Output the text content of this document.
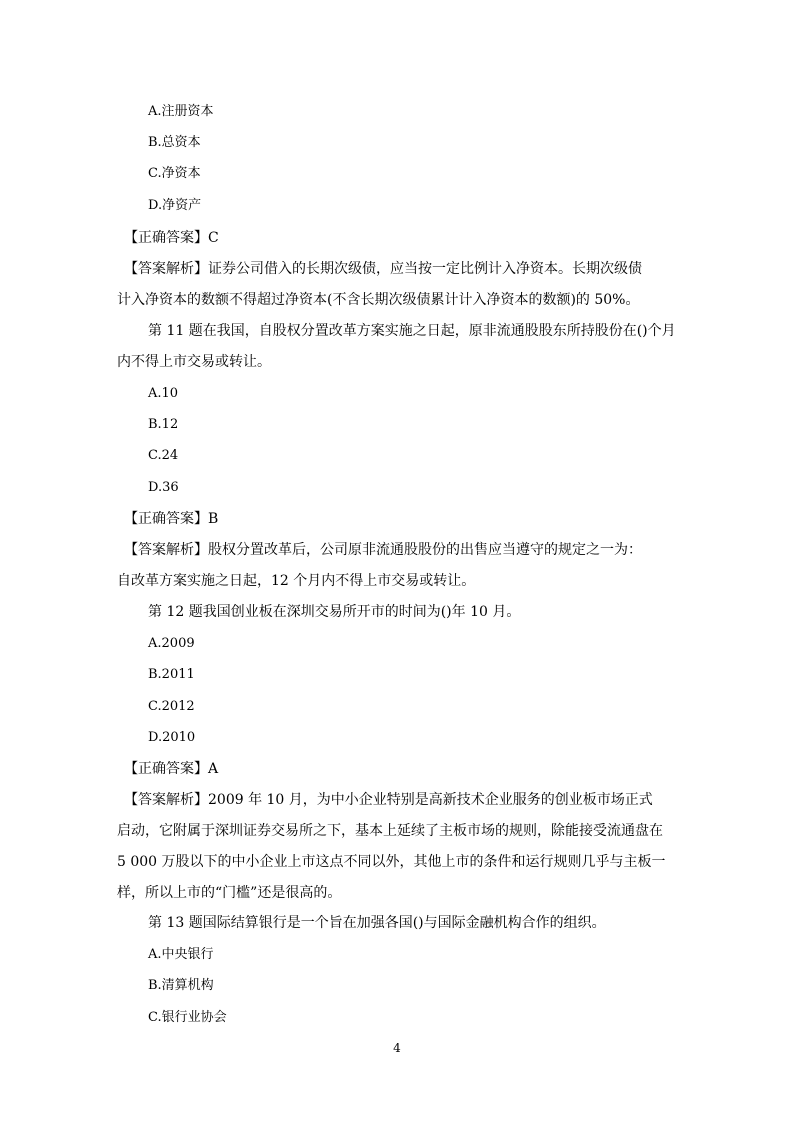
A.注册资本
B.总资本
C.净资本
D.净资产
【正确答案】C
【答案解析】证券公司借入的长期次级债，应当按一定比例计入净资本。长期次级债
计入净资本的数额不得超过净资本(不含长期次级债累计计入净资本的数额)的 50%。
第 11 题在我国，自股权分置改革方案实施之日起，原非流通股股东所持股份在()个月
内不得上市交易或转让。
A.10
B.12
C.24
D.36
【正确答案】B
【答案解析】股权分置改革后，公司原非流通股股份的出售应当遵守的规定之一为：
自改革方案实施之日起，12 个月内不得上市交易或转让。
第 12 题我国创业板在深圳交易所开市的时间为()年 10 月。
A.2009
B.2011
C.2012
D.2010
【正确答案】A
【答案解析】2009 年 10 月，为中小企业特别是高新技术企业服务的创业板市场正式
启动，它附属于深圳证券交易所之下，基本上延续了主板市场的规则，除能接受流通盘在
5 000 万股以下的中小企业上市这点不同以外，其他上市的条件和运行规则几乎与主板一
样，所以上市的“门槛”还是很高的。
第 13 题国际结算银行是一个旨在加强各国()与国际金融机构合作的组织。
A.中央银行
B.清算机构
C.银行业协会
4
